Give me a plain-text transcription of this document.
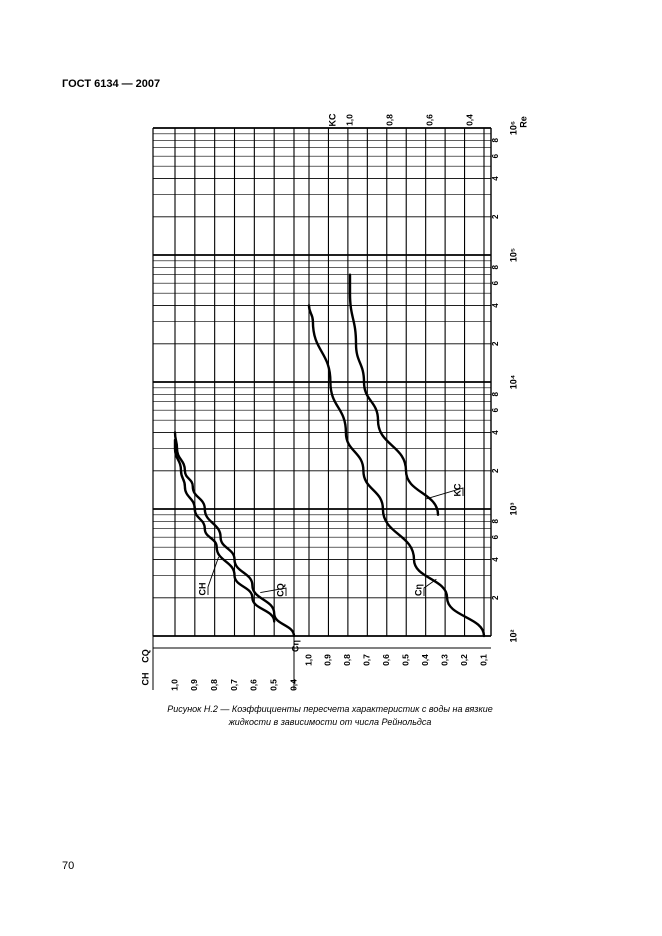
ГОСТ 6134 — 2007
10²
10³
10⁴
10⁵
10⁶
2
4
6
8
2
4
6
8
2
4
6
8
2
4
6
8
Re
1,0 0,9 0,8 0,7 0,6 0,5 0,4 0,3 0,2 0,1
Cη
1,0 0,9 0,8 0,7 0,6 0,5 0,4
CH
CQ
1,0	0,8	0,6	0,4
KC
Cη
KC
CH	CQ
Рисунок Н.2 — Коэффициенты пересчета характеристик с воды на вязкие
жидкости в зависимости от числа Рейнольдса
70
